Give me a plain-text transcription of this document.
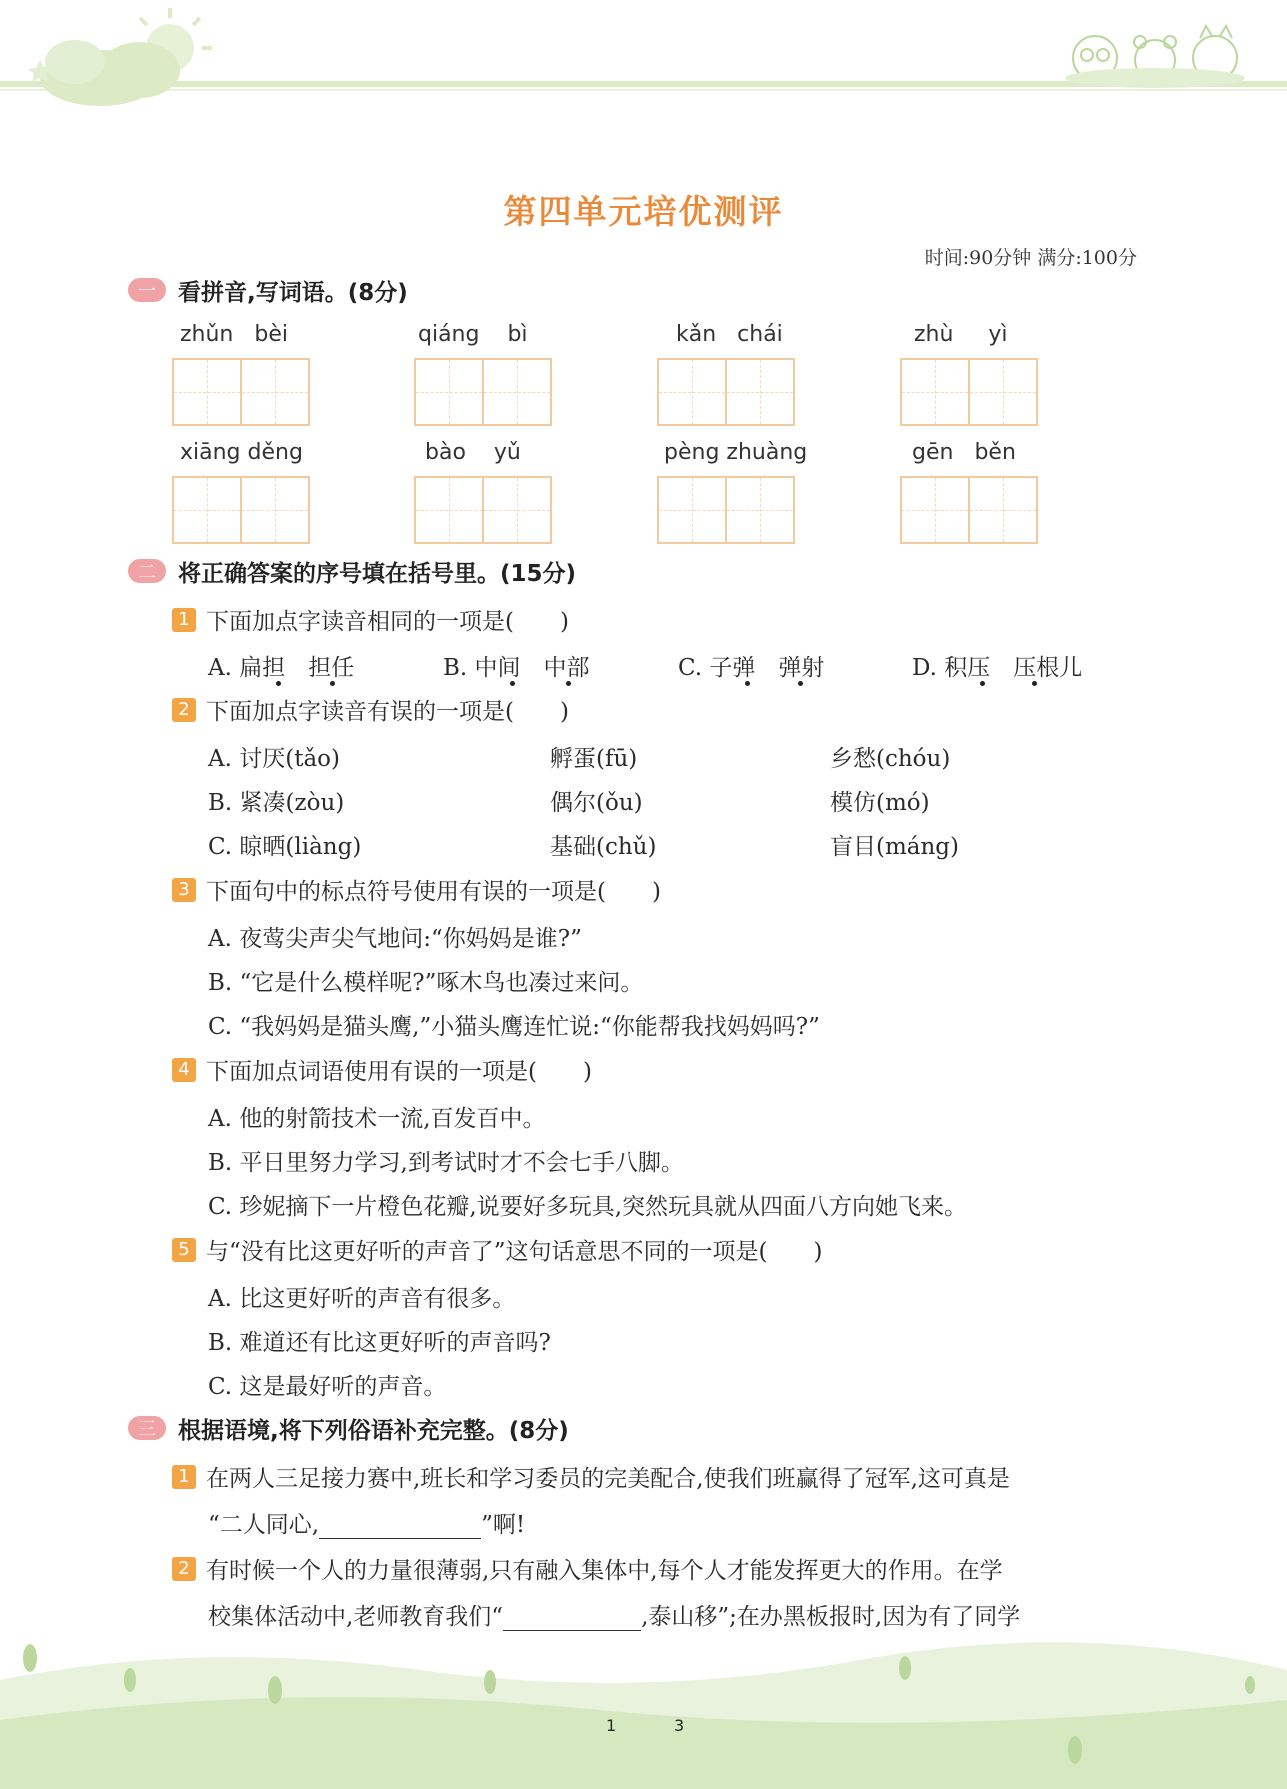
第四单元培优测评
时间:90分钟 满分:100分
一 看拼音,写词语。(8分)
zhǔn bèi	qiáng bì	kǎn chái	zhù yì
xiāng děng	bào yǔ	pèng zhuàng	gēn běn
二 将正确答案的序号填在括号里。(15分)
1 下面加点字读音相同的一项是(　　)
A. 扁担　担任	B. 中间　中部	C. 子弹　弹射	D. 积压　压根儿
2 下面加点字读音有误的一项是(　　)
A. 讨厌(tǎo)	孵蛋(fū)	乡愁(chóu)
B. 紧凑(zòu)	偶尔(ǒu)	模仿(mó)
C. 晾晒(liàng)	基础(chǔ)	盲目(máng)
3 下面句中的标点符号使用有误的一项是(　　)
A. 夜莺尖声尖气地问:“你妈妈是谁?”
B. “它是什么模样呢?”啄木鸟也凑过来问。
C. “我妈妈是猫头鹰,”小猫头鹰连忙说:“你能帮我找妈妈吗?”
4 下面加点词语使用有误的一项是(　　)
A. 他的射箭技术一流,百发百中。
B. 平日里努力学习,到考试时才不会七手八脚。
C. 珍妮摘下一片橙色花瓣,说要好多玩具,突然玩具就从四面八方向她飞来。
5 与“没有比这更好听的声音了”这句话意思不同的一项是(　　)
A. 比这更好听的声音有很多。
B. 难道还有比这更好听的声音吗?
C. 这是最好听的声音。
三 根据语境,将下列俗语补充完整。(8分)
1 在两人三足接力赛中,班长和学习委员的完美配合,使我们班赢得了冠军,这可真是
“二人同心,	”啊!
2 有时候一个人的力量很薄弱,只有融入集体中,每个人才能发挥更大的作用。在学
校集体活动中,老师教育我们“	,泰山移”;在办黑板报时,因为有了同学
1	3
